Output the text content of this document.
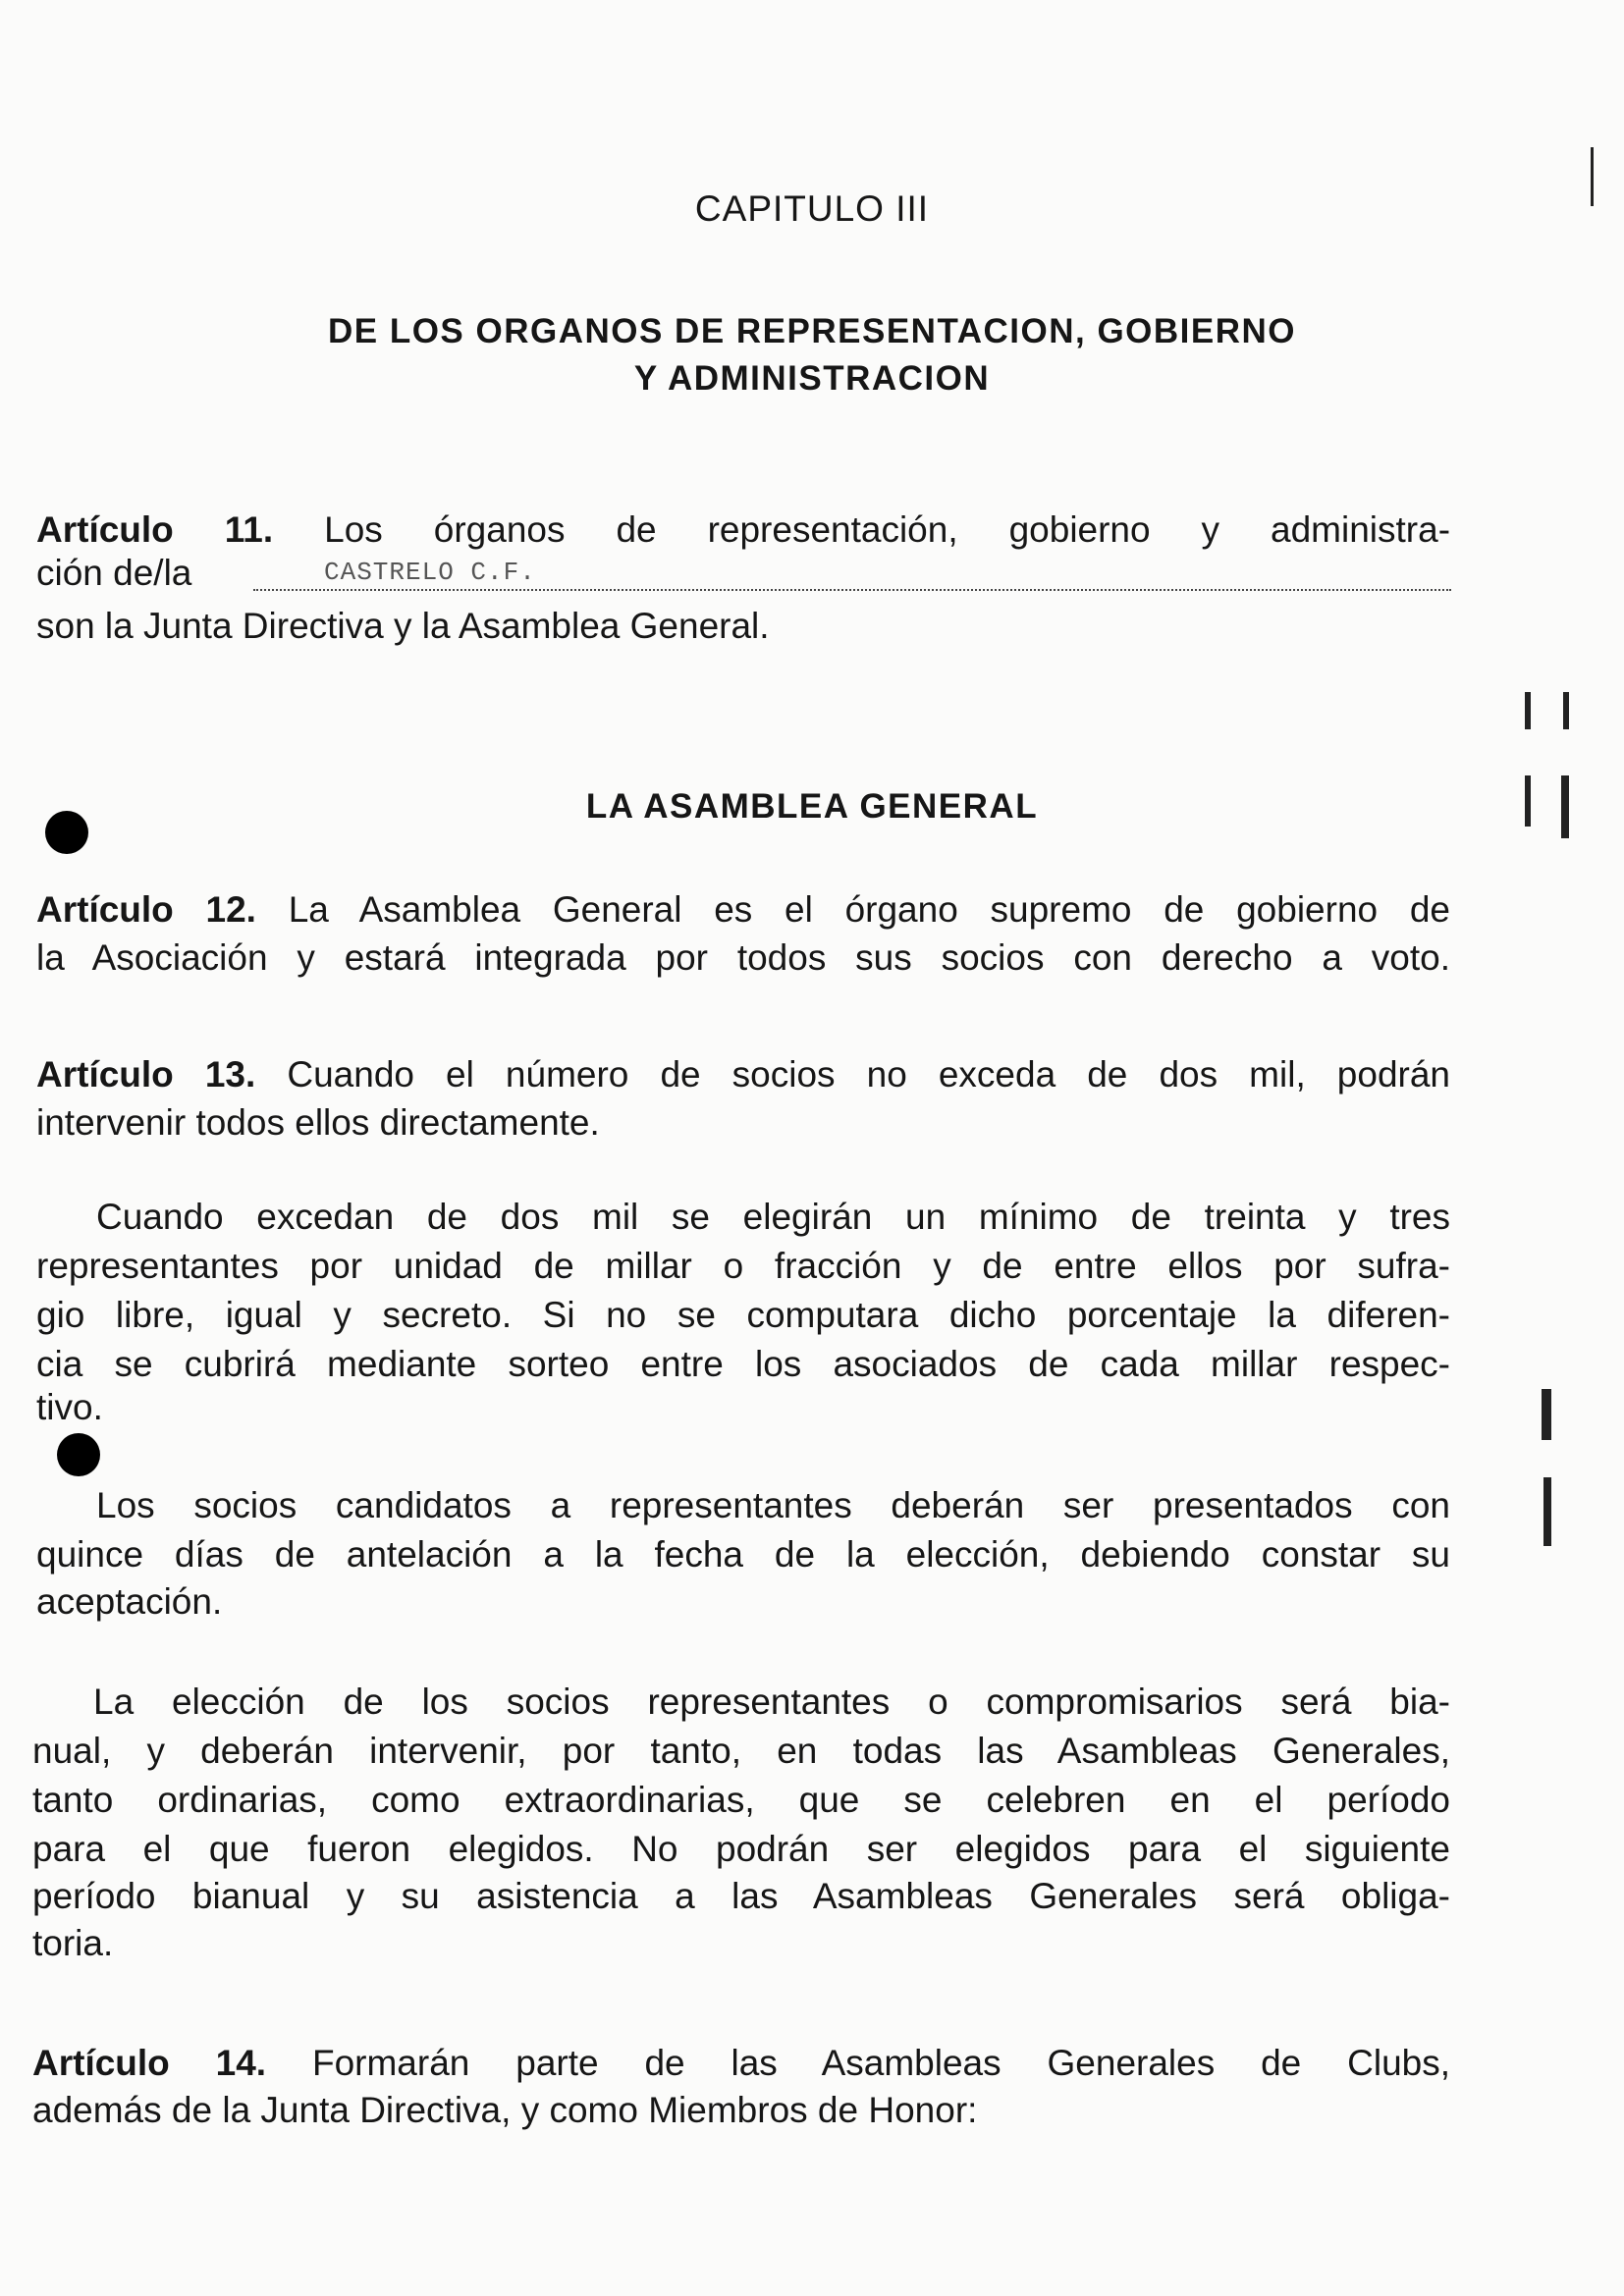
CAPITULO III
DE LOS ORGANOS DE REPRESENTACION, GOBIERNO
Y ADMINISTRACION
Artículo 11. Los órganos de representación, gobierno y administra-
ción de/la	CASTRELO C.F.
son la Junta Directiva y la Asamblea General.
LA ASAMBLEA GENERAL
Artículo 12. La Asamblea General es el órgano supremo de gobierno de
la Asociación y estará integrada por todos sus socios con derecho a voto.
Artículo 13. Cuando el número de socios no exceda de dos mil, podrán
intervenir todos ellos directamente.
Cuando excedan de dos mil se elegirán un mínimo de treinta y tres
representantes por unidad de millar o fracción y de entre ellos por sufra-
gio libre, igual y secreto. Si no se computara dicho porcentaje la diferen-
cia se cubrirá mediante sorteo entre los asociados de cada millar respec-
tivo.
Los socios candidatos a representantes deberán ser presentados con
quince días de antelación a la fecha de la elección, debiendo constar su
aceptación.
La elección de los socios representantes o compromisarios será bia-
nual, y deberán intervenir, por tanto, en todas las Asambleas Generales,
tanto ordinarias, como extraordinarias, que se celebren en el período
para el que fueron elegidos. No podrán ser elegidos para el siguiente
período bianual y su asistencia a las Asambleas Generales será obliga-
toria.
Artículo 14. Formarán parte de las Asambleas Generales de Clubs,
además de la Junta Directiva, y como Miembros de Honor:
